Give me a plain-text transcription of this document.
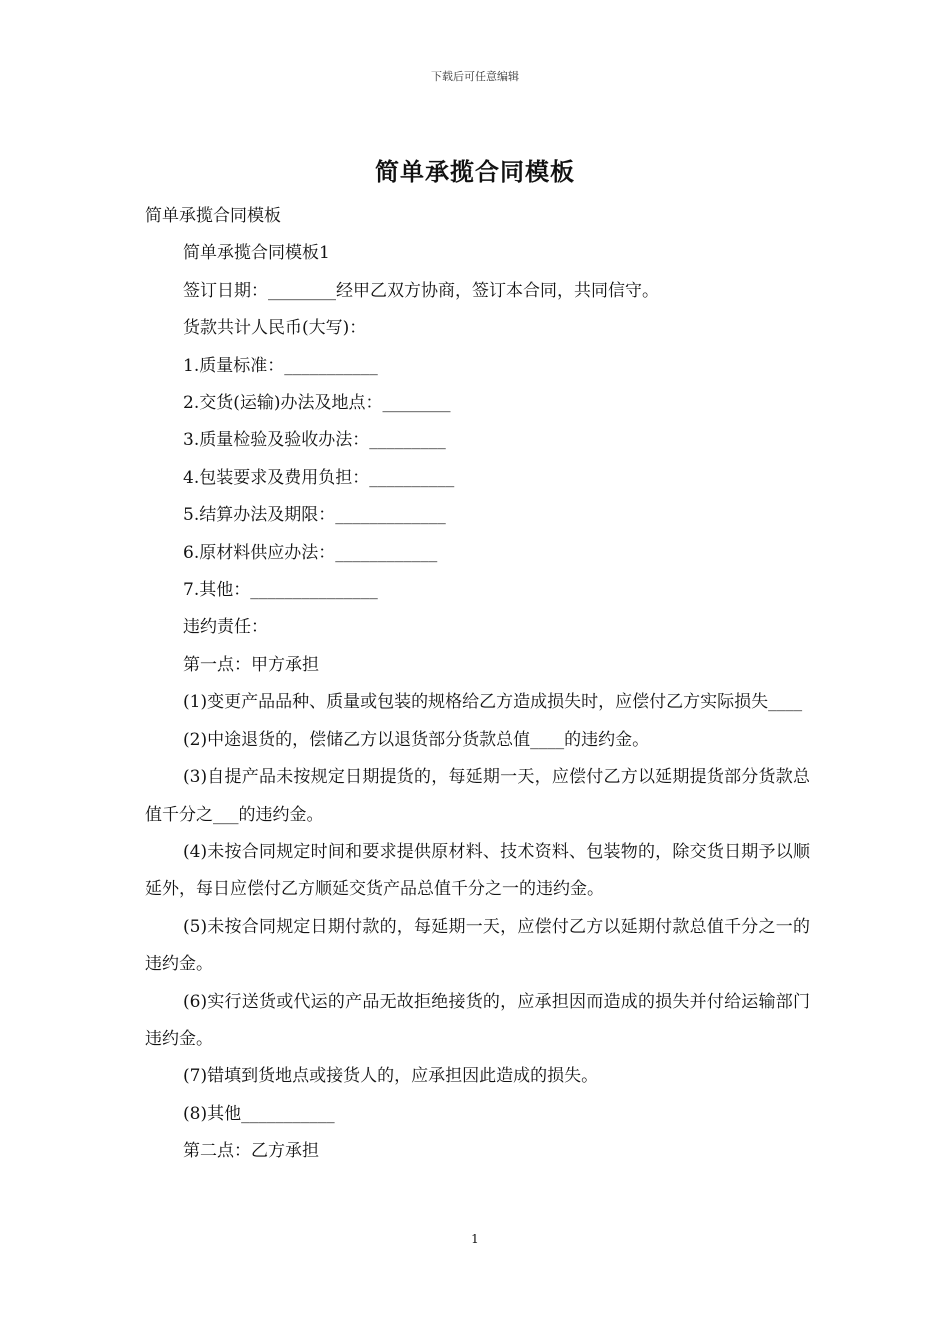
下载后可任意编辑
简单承揽合同模板

简单承揽合同模板

简单承揽合同模板1

签订日期：________经甲乙双方协商，签订本合同，共同信守。

货款共计人民币(大写)：

1.质量标准：___________

2.交货(运输)办法及地点：________

3.质量检验及验收办法：_________

4.包装要求及费用负担：__________

5.结算办法及期限：_____________

6.原材料供应办法：____________

7.其他：_______________

违约责任：

第一点：甲方承担

(1)变更产品品种、质量或包装的规格给乙方造成损失时，应偿付乙方实际损失____

(2)中途退货的，偿储乙方以退货部分货款总值____的违约金。

(3)自提产品未按规定日期提货的，每延期一天，应偿付乙方以延期提货部分货款总值千分之___的违约金。

(4)未按合同规定时间和要求提供原材料、技术资料、包装物的，除交货日期予以顺延外，每日应偿付乙方顺延交货产品总值千分之一的违约金。

(5)未按合同规定日期付款的，每延期一天，应偿付乙方以延期付款总值千分之一的违约金。

(6)实行送货或代运的产品无故拒绝接货的，应承担因而造成的损失并付给运输部门违约金。

(7)错填到货地点或接货人的，应承担因此造成的损失。

(8)其他___________

第二点：乙方承担

1
